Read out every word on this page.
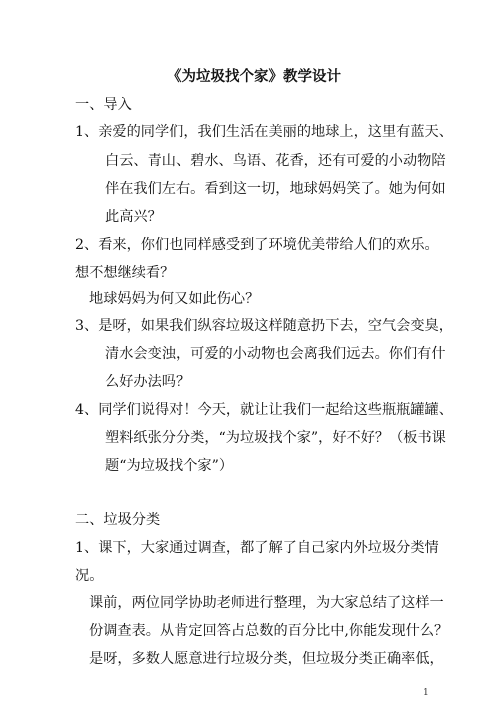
《为垃圾找个家》教学设计
一、导入
1、亲爱的同学们，我们生活在美丽的地球上，这里有蓝天、
白云、青山、碧水、鸟语、花香，还有可爱的小动物陪
伴在我们左右。看到这一切，地球妈妈笑了。她为何如
此高兴？
2、看来，你们也同样感受到了环境优美带给人们的欢乐。
想不想继续看？
地球妈妈为何又如此伤心？
3、是呀，如果我们纵容垃圾这样随意扔下去，空气会变臭，
清水会变浊，可爱的小动物也会离我们远去。你们有什
么好办法吗？
4、同学们说得对！今天，就让让我们一起给这些瓶瓶罐罐、
塑料纸张分分类，“为垃圾找个家”，好不好？（板书课
题“为垃圾找个家”）
二、垃圾分类
1、课下，大家通过调查，都了解了自己家内外垃圾分类情
况。
课前，两位同学协助老师进行整理，为大家总结了这样一
份调查表。从肯定回答占总数的百分比中,你能发现什么？
是呀，多数人愿意进行垃圾分类，但垃圾分类正确率低，
1
